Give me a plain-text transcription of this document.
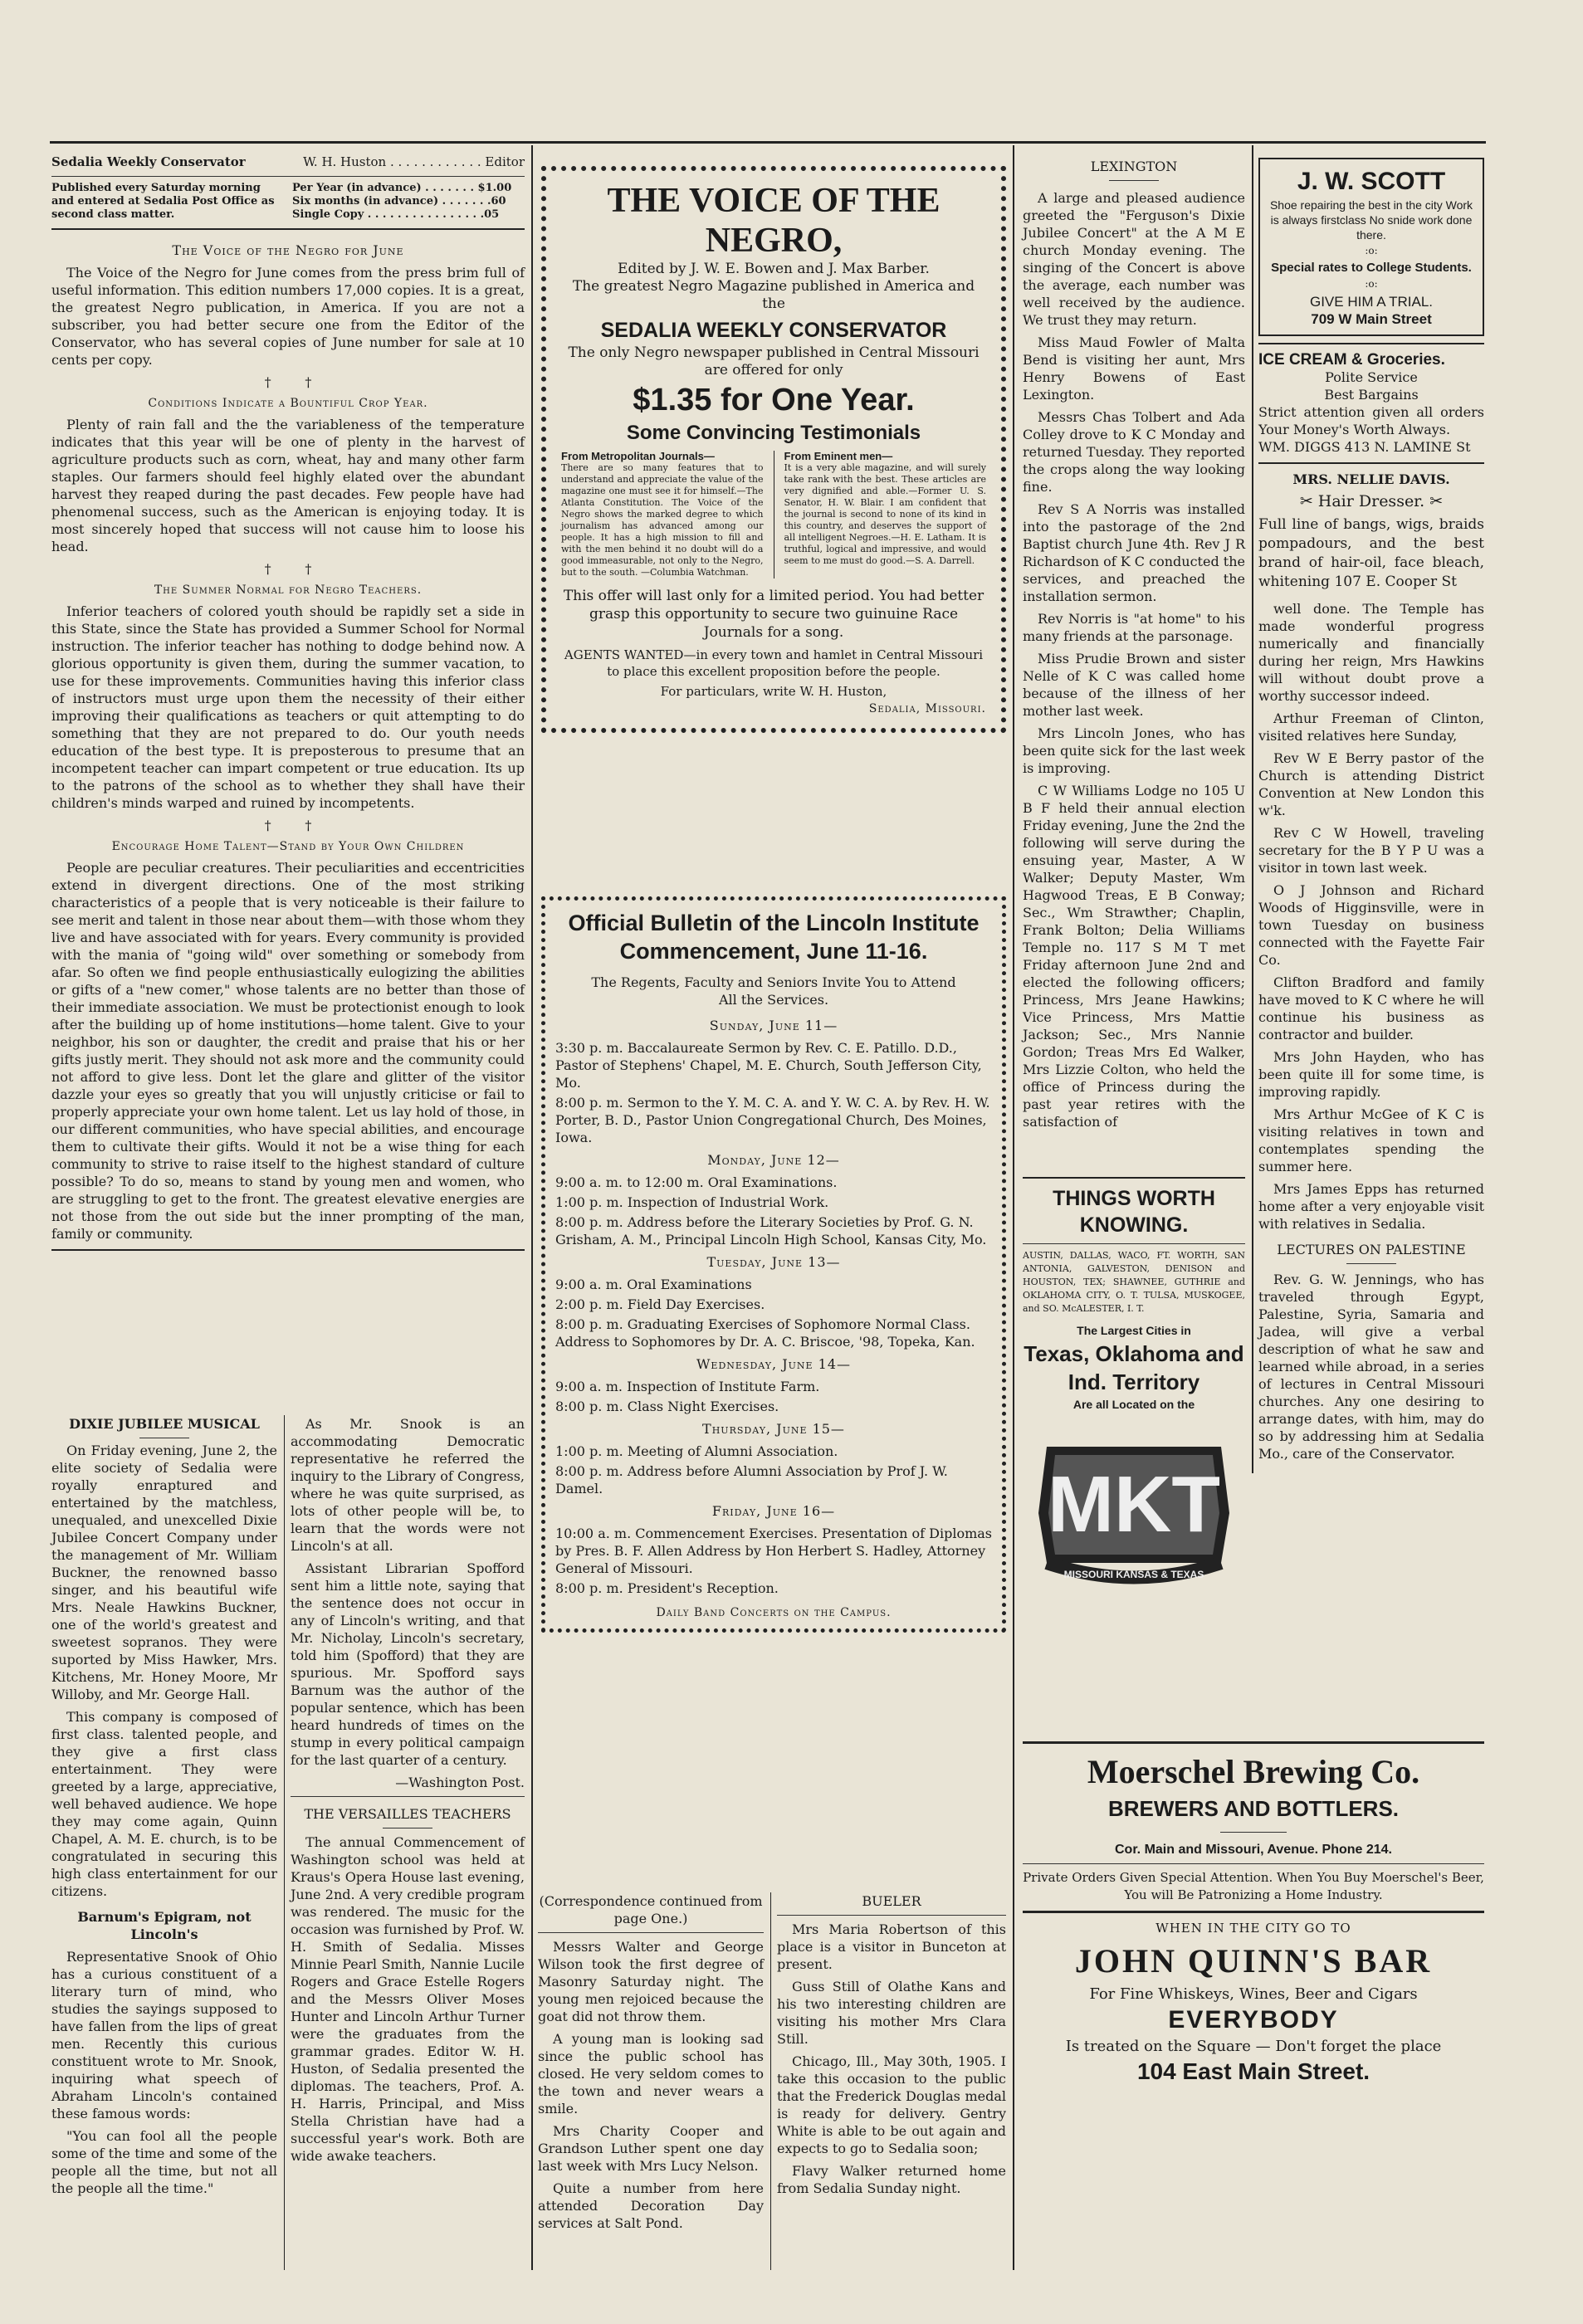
Sedalia Weekly Conservator	W. H. Huston . . . . . . . . . . . . Editor
Published every Saturday morning and entered at Sedalia Post Office as second class matter.
Per Year (in advance) . . . . . . . $1.00
Six months (in advance) . . . . . . .60
Single Copy . . . . . . . . . . . . . . . .05

The Voice of the Negro for June

The Voice of the Negro for June comes from the press brim full of useful information. This edition numbers 17,000 copies. It is a great, the greatest Negro publication, in America. If you are not a subscriber, you had better secure one from the Editor of the Conservator, who has several copies of June number for sale at 10 cents per copy.

†        †

Conditions Indicate a Bountiful Crop Year.

Plenty of rain fall and the the variableness of the temperature indicates that this year will be one of plenty in the harvest of agriculture products such as corn, wheat, hay and many other farm staples. Our farmers should feel highly elated over the abundant harvest they reaped during the past decades. Few people have had phenomenal success, such as the American is enjoying today. It is most sincerely hoped that success will not cause him to loose his head.

†        †

The Summer Normal for Negro Teachers.

Inferior teachers of colored youth should be rapidly set a side in this State, since the State has provided a Summer School for Normal instruction. The inferior teacher has nothing to dodge behind now. A glorious opportunity is given them, during the summer vacation, to use for these improvements. Communities having this inferior class of instructors must urge upon them the necessity of their either improving their qualifications as teachers or quit attempting to do something that they are not prepared to do. Our youth needs education of the best type. It is preposterous to presume that an incompetent teacher can impart competent or true education. Its up to the patrons of the school as to whether they shall have their children's minds warped and ruined by incompetents.

†        †

Encourage Home Talent—Stand by Your Own Children

People are peculiar creatures. Their peculiarities and eccentricities extend in divergent directions. One of the most striking characteristics of a people that is very noticeable is their failure to see merit and talent in those near about them—with those whom they live and have associated with for years. Every community is provided with the mania of "going wild" over something or somebody from afar. So often we find people enthusiastically eulogizing the abilities or gifts of a "new comer," whose talents are no better than those of their immediate association. We must be protectionist enough to look after the building up of home institutions—home talent. Give to your neighbor, his son or daughter, the credit and praise that his or her gifts justly merit. They should not ask more and the community could not afford to give less. Dont let the glare and glitter of the visitor dazzle your eyes so greatly that you will unjustly criticise or fail to properly appreciate your own home talent. Let us lay hold of those, in our different communities, who have special abilities, and encourage them to cultivate their gifts. Would it not be a wise thing for each community to strive to raise itself to the highest standard of culture possible? To do so, means to stand by young men and women, who are struggling to get to the front. The greatest elevative energies are not those from the out side but the inner prompting of the man, family or community.

DIXIE JUBILEE MUSICAL

On Friday evening, June 2, the elite society of Sedalia were royally enraptured and entertained by the matchless, unequaled, and unexcelled Dixie Jubilee Concert Company under the management of Mr. William Buckner, the renowned basso singer, and his beautiful wife Mrs. Neale Hawkins Buckner, one of the world's greatest and sweetest sopranos. They were suported by Miss Hawker, Mrs. Kitchens, Mr. Honey Moore, Mr Willoby, and Mr. George Hall.

This company is composed of first class. talented people, and they give a first class entertainment. They were greeted by a large, appreciative, well behaved audience. We hope they may come again, Quinn Chapel, A. M. E. church, is to be congratulated in securing this high class entertainment for our citizens.

Barnum's Epigram, not Lincoln's

Representative Snook of Ohio has a curious constituent of a literary turn of mind, who studies the sayings supposed to have fallen from the lips of great men. Recently this curious constituent wrote to Mr. Snook, inquiring what speech of Abraham Lincoln's contained these famous words:

"You can fool all the people some of the time and some of the people all the time, but not all the people all the time."

As Mr. Snook is an accommodating Democratic representative he referred the inquiry to the Library of Congress, where he was quite surprised, as lots of other people will be, to learn that the words were not Lincoln's at all.

Assistant Librarian Spofford sent him a little note, saying that the sentence does not occur in any of Lincoln's writing, and that Mr. Nicholay, Lincoln's secretary, told him (Spofford) that they are spurious. Mr. Spofford says Barnum was the author of the popular sentence, which has been heard hundreds of times on the stump in every political campaign for the last quarter of a century.

—Washington Post.

THE VERSAILLES TEACHERS

The annual Commencement of Washington school was held at Kraus's Opera House last evening, June 2nd. A very credible program was rendered. The music for the occasion was furnished by Prof. W. H. Smith of Sedalia. Misses Minnie Pearl Smith, Nannie Lucile Rogers and Grace Estelle Rogers and the Messrs Oliver Moses Hunter and Lincoln Arthur Turner were the graduates from the grammar grades. Editor W. H. Huston, of Sedalia presented the diplomas. The teachers, Prof. A. H. Harris, Principal, and Miss Stella Christian have had a successful year's work. Both are wide awake teachers.

THE VOICE OF THE NEGRO,
Edited by J. W. E. Bowen and J. Max Barber.
The greatest Negro Magazine published in America and the
SEDALIA WEEKLY CONSERVATOR
The only Negro newspaper published in Central Missouri are offered for only
$1.35 for One Year.
Some Convincing Testimonials
From Metropolitan Journals—
There are so many features that to understand and appreciate the value of the magazine one must see it for himself.—The Atlanta Constitution. The Voice of the Negro shows the marked degree to which journalism has advanced among our people. It has a high mission to fill and with the men behind it no doubt will do a good immeasurable, not only to the Negro, but to the south. —Columbia Watchman.
From Eminent men—
It is a very able magazine, and will surely take rank with the best. These articles are very dignified and able.—Former U. S. Senator, H. W. Blair. I am confident that the journal is second to none of its kind in this country, and deserves the support of all intelligent Negroes.—H. E. Latham. It is truthful, logical and impressive, and would seem to me must do good.—S. A. Darrell.
This offer will last only for a limited period. You had better grasp this opportunity to secure two guinuine Race Journals for a song.
AGENTS WANTED—in every town and hamlet in Central Missouri to place this excellent proposition before the people.
For particulars, write W. H. Huston,
Sedalia, Missouri.
Official Bulletin of the Lincoln Institute Commencement, June 11-16.
The Regents, Faculty and Seniors Invite You to Attend All the Services.
Sunday, June 11—
3:30 p. m. Baccalaureate Sermon by Rev. C. E. Patillo. D.D., Pastor of Stephens' Chapel, M. E. Church, South Jefferson City, Mo.
8:00 p. m. Sermon to the Y. M. C. A. and Y. W. C. A. by Rev. H. W. Porter, B. D., Pastor Union Congregational Church, Des Moines, Iowa.
Monday, June 12—
9:00 a. m. to 12:00 m. Oral Examinations.
1:00 p. m. Inspection of Industrial Work.
8:00 p. m. Address before the Literary Societies by Prof. G. N. Grisham, A. M., Principal Lincoln High School, Kansas City, Mo.
Tuesday, June 13—
9:00 a. m. Oral Examinations
2:00 p. m. Field Day Exercises.
8:00 p. m. Graduating Exercises of Sophomore Normal Class. Address to Sophomores by Dr. A. C. Briscoe, '98, Topeka, Kan.
Wednesday, June 14—
9:00 a. m. Inspection of Institute Farm.
8:00 p. m. Class Night Exercises.
Thursday, June 15—
1:00 p. m. Meeting of Alumni Association.
8:00 p. m. Address before Alumni Association by Prof J. W. Damel.
Friday, June 16—
10:00 a. m. Commencement Exercises. Presentation of Diplomas by Pres. B. F. Allen Address by Hon Herbert S. Hadley, Attorney General of Missouri.
8:00 p. m. President's Reception.
Daily Band Concerts on the Campus.

(Correspondence continued from page One.)

Messrs Walter and George Wilson took the first degree of Masonry Saturday night. The young men rejoiced because the goat did not throw them.

A young man is looking sad since the public school has closed. He very seldom comes to the town and never wears a smile.

Mrs Charity Cooper and Grandson Luther spent one day last week with Mrs Lucy Nelson.

Quite a number from here attended Decoration Day services at Salt Pond.

BUELER

Mrs Maria Robertson of this place is a visitor in Bunceton at present.

Guss Still of Olathe Kans and his two interesting children are visiting his mother Mrs Clara Still.

Chicago, Ill., May 30th, 1905. I take this occasion to the public that the Frederick Douglas medal is ready for delivery. Gentry White is able to be out again and expects to go to Sedalia soon;

Flavy Walker returned home from Sedalia Sunday night.

LEXINGTON

A large and pleased audience greeted the "Ferguson's Dixie Jubilee Concert" at the A M E church Monday evening. The singing of the Concert is above the average, each number was well received by the audience. We trust they may return.

Miss Maud Fowler of Malta Bend is visiting her aunt, Mrs Henry Bowens of East Lexington.

Messrs Chas Tolbert and Ada Colley drove to K C Monday and returned Tuesday. They reported the crops along the way looking fine.

Rev S A Norris was installed into the pastorage of the 2nd Baptist church June 4th. Rev J R Richardson of K C conducted the services, and preached the installation sermon.

Rev Norris is "at home" to his many friends at the parsonage.

Miss Prudie Brown and sister Nelle of K C was called home because of the illness of her mother last week.

Mrs Lincoln Jones, who has been quite sick for the last week is improving.

C W Williams Lodge no 105 U B F held their annual election Friday evening, June the 2nd the following will serve during the ensuing year, Master, A W Walker; Deputy Master, Wm Hagwood Treas, E B Conway; Sec., Wm Strawther; Chaplin, Frank Bolton; Delia Williams Temple no. 117 S M T met Friday afternoon June 2nd and elected the following officers; Princess, Mrs Jeane Hawkins; Vice Princess, Mrs Mattie Jackson; Sec., Mrs Nannie Gordon; Treas Mrs Ed Walker, Mrs Lizzie Colton, who held the office of Princess during the past year retires with the satisfaction of

THINGS WORTH KNOWING.
AUSTIN, DALLAS, WACO, FT. WORTH, SAN ANTONIA, GALVESTON, DENISON and HOUSTON, TEX; SHAWNEE, GUTHRIE and OKLAHOMA CITY, O. T. TULSA, MUSKOGEE, and SO. McALESTER, I. T.
The Largest Cities in
Texas, Oklahoma and Ind. Territory
Are all Located on the
MKT
MISSOURI KANSAS & TEXAS
J. W. SCOTT
Shoe repairing the best in the city Work is always firstclass No snide work done there.
:o:
Special rates to College Students.
:o:
GIVE HIM A TRIAL.
709 W Main Street
ICE CREAM & Groceries.
Polite Service
Best Bargains
Strict attention given all orders Your Money's Worth Always.
WM. DIGGS 413 N. LAMINE St
MRS. NELLIE DAVIS.
✂ Hair Dresser. ✂
Full line of bangs, wigs, braids pompadours, and the best brand of hair-oil, face bleach, whitening 107 E. Cooper St

well done. The Temple has made wonderful progress numerically and financially during her reign, Mrs Hawkins will without doubt prove a worthy successor indeed.

Arthur Freeman of Clinton, visited relatives here Sunday,

Rev W E Berry pastor of the Church is attending District Convention at New London this w'k.

Rev C W Howell, traveling secretary for the B Y P U was a visitor in town last week.

O J Johnson and Richard Woods of Higginsville, were in town Tuesday on business connected with the Fayette Fair Co.

Clifton Bradford and family have moved to K C where he will continue his business as contractor and builder.

Mrs John Hayden, who has been quite ill for some time, is improving rapidly.

Mrs Arthur McGee of K C is visiting relatives in town and contemplates spending the summer here.

Mrs James Epps has returned home after a very enjoyable visit with relatives in Sedalia.

LECTURES ON PALESTINE

Rev. G. W. Jennings, who has traveled through Egypt, Palestine, Syria, Samaria and Jadea, will give a verbal description of what he saw and learned while abroad, in a series of lectures in Central Missouri churches. Any one desiring to arrange dates, with him, may do so by addressing him at Sedalia Mo., care of the Conservator.

Moerschel Brewing Co.
BREWERS AND BOTTLERS.
Cor. Main and Missouri, Avenue. Phone 214.
Private Orders Given Special Attention. When You Buy Moerschel's Beer, You will Be Patronizing a Home Industry.
WHEN IN THE CITY GO TO
JOHN QUINN'S BAR
For Fine Whiskeys, Wines, Beer and Cigars
EVERYBODY
Is treated on the Square — Don't forget the place
104 East Main Street.
